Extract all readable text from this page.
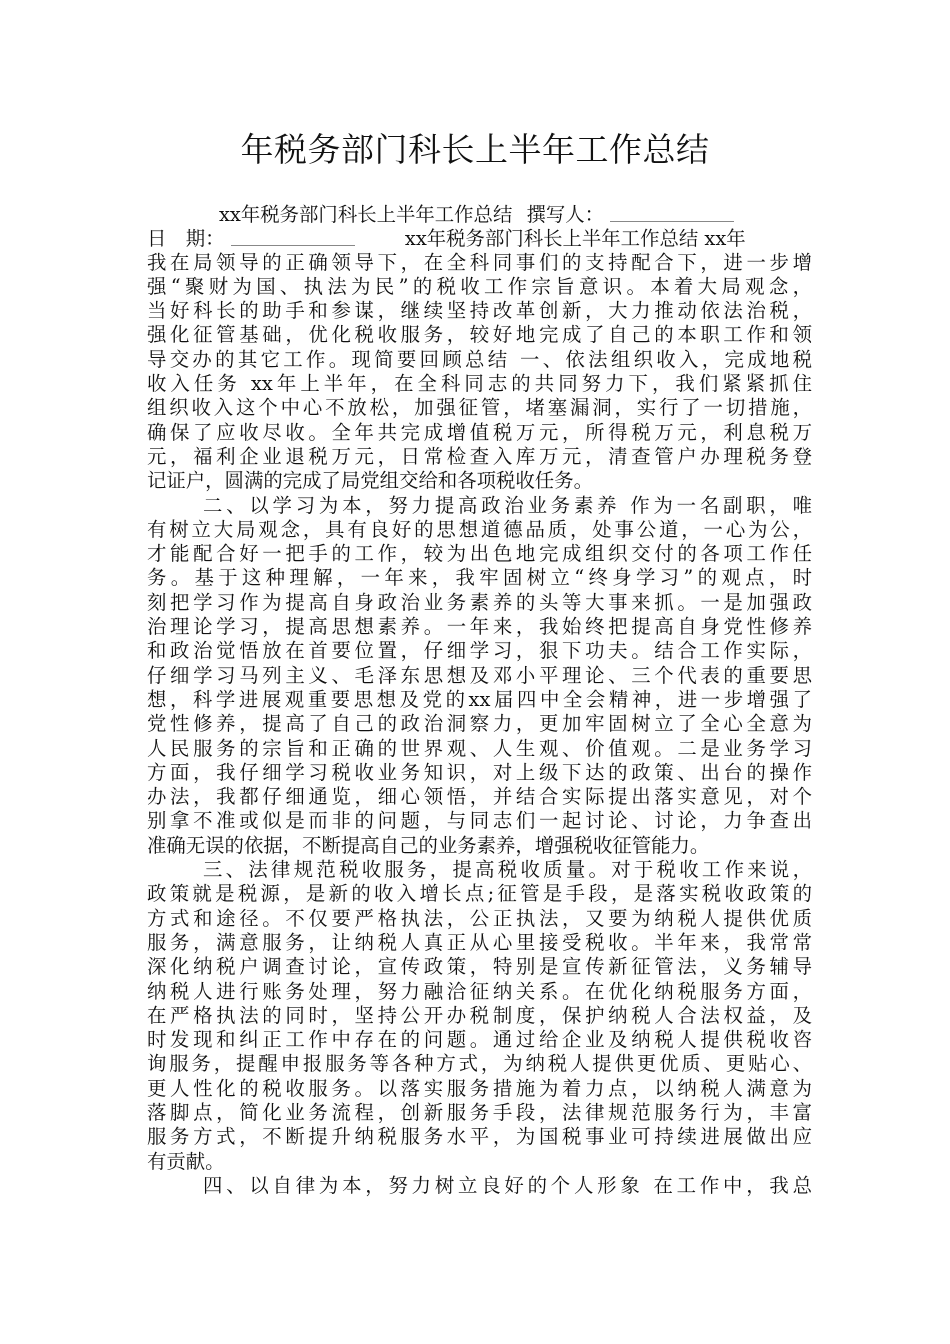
年税务部门科长上半年工作总结
xx年税务部门科长上半年工作总结 撰写人：
日　期：	xx年税务部门科长上半年工作总结 xx年
我在局领导的正确领导下，在全科同事们的支持配合下，进一步增
强“聚财为国、执法为民”的税收工作宗旨意识。本着大局观念，
当好科长的助手和参谋，继续坚持改革创新，大力推动依法治税，
强化征管基础，优化税收服务，较好地完成了自己的本职工作和领
导交办的其它工作。现简要回顾总结 一、依法组织收入，完成地税
收入任务 xx年上半年，在全科同志的共同努力下，我们紧紧抓住
组织收入这个中心不放松，加强征管，堵塞漏洞，实行了一切措施，
确保了应收尽收。全年共完成增值税万元，所得税万元，利息税万
元，福利企业退税万元，日常检查入库万元，清查管户办理税务登
记证户，圆满的完成了局党组交给和各项税收任务。
二、以学习为本，努力提高政治业务素养 作为一名副职，唯
有树立大局观念，具有良好的思想道德品质，处事公道，一心为公，
才能配合好一把手的工作，较为出色地完成组织交付的各项工作任
务。基于这种理解，一年来，我牢固树立“终身学习”的观点，时
刻把学习作为提高自身政治业务素养的头等大事来抓。一是加强政
治理论学习，提高思想素养。一年来，我始终把提高自身党性修养
和政治觉悟放在首要位置，仔细学习，狠下功夫。结合工作实际，
仔细学习马列主义、毛泽东思想及邓小平理论、三个代表的重要思
想，科学进展观重要思想及党的xx届四中全会精神，进一步增强了
党性修养，提高了自己的政治洞察力，更加牢固树立了全心全意为
人民服务的宗旨和正确的世界观、人生观、价值观。二是业务学习
方面，我仔细学习税收业务知识，对上级下达的政策、出台的操作
办法，我都仔细通览，细心领悟，并结合实际提出落实意见，对个
别拿不准或似是而非的问题，与同志们一起讨论、讨论，力争查出
准确无误的依据，不断提高自己的业务素养，增强税收征管能力。
三、法律规范税收服务，提高税收质量。对于税收工作来说，
政策就是税源，是新的收入增长点;征管是手段，是落实税收政策的
方式和途径。不仅要严格执法，公正执法，又要为纳税人提供优质
服务，满意服务，让纳税人真正从心里接受税收。半年来，我常常
深化纳税户调查讨论，宣传政策，特别是宣传新征管法，义务辅导
纳税人进行账务处理，努力融洽征纳关系。在优化纳税服务方面，
在严格执法的同时，坚持公开办税制度，保护纳税人合法权益，及
时发现和纠正工作中存在的问题。通过给企业及纳税人提供税收咨
询服务，提醒申报服务等各种方式，为纳税人提供更优质、更贴心、
更人性化的税收服务。以落实服务措施为着力点，以纳税人满意为
落脚点，简化业务流程，创新服务手段，法律规范服务行为，丰富
服务方式，不断提升纳税服务水平，为国税事业可持续进展做出应
有贡献。
四、以自律为本，努力树立良好的个人形象 在工作中，我总
